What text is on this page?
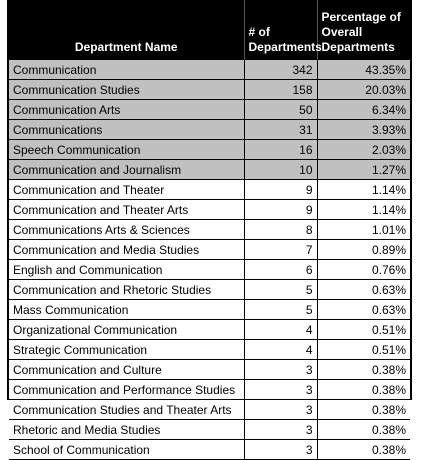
Department Name	# of Departments	Percentage of Overall Departments
Communication	342	43.35%
Communication Studies	158	20.03%
Communication Arts	50	6.34%
Communications	31	3.93%
Speech Communication	16	2.03%
Communication and Journalism	10	1.27%
Communication and Theater	9	1.14%
Communication and Theater Arts	9	1.14%
Communications Arts & Sciences	8	1.01%
Communication and Media Studies	7	0.89%
English and Communication	6	0.76%
Communication and Rhetoric Studies	5	0.63%
Mass Communication	5	0.63%
Organizational Communication	4	0.51%
Strategic Communication	4	0.51%
Communication and Culture	3	0.38%
Communication and Performance Studies	3	0.38%
Communication Studies and Theater Arts	3	0.38%
Rhetoric and Media Studies	3	0.38%
School of Communication	3	0.38%
